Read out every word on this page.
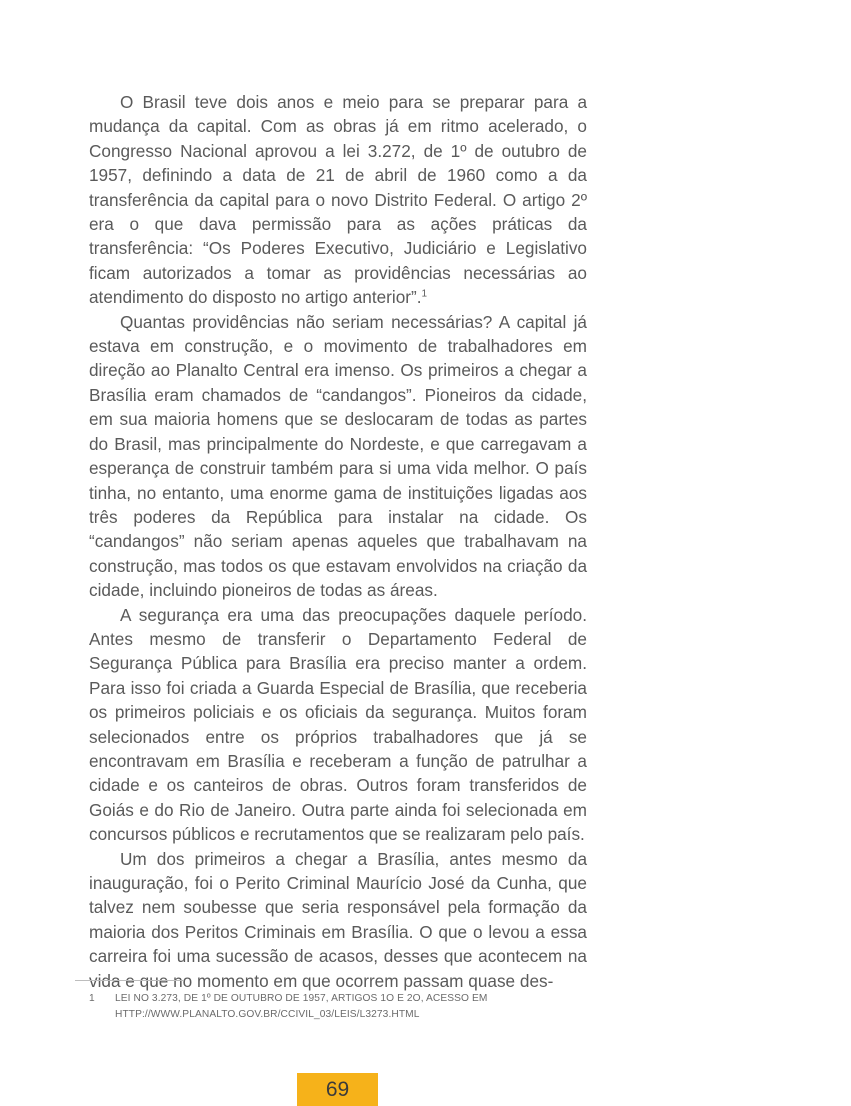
O Brasil teve dois anos e meio para se preparar para a mudança da capital. Com as obras já em ritmo acelerado, o Congresso Nacional aprovou a lei 3.272, de 1º de outubro de 1957, definindo a data de 21 de abril de 1960 como a da transferência da capital para o novo Distrito Federal. O artigo 2º era o que dava permissão para as ações práticas da transferência: “Os Poderes Executivo, Judiciário e Legislativo ficam autorizados a tomar as providências necessárias ao atendimento do disposto no artigo anterior”.$^1$

Quantas providências não seriam necessárias? A capital já estava em construção, e o movimento de trabalhadores em direção ao Planalto Central era imenso. Os primeiros a chegar a Brasília eram chamados de “candangos”. Pioneiros da cidade, em sua maioria homens que se deslocaram de todas as partes do Brasil, mas principalmente do Nordeste, e que carregavam a esperança de construir também para si uma vida melhor. O país tinha, no entanto, uma enorme gama de instituições ligadas aos três poderes da República para instalar na cidade. Os “candangos” não seriam apenas aqueles que trabalhavam na construção, mas todos os que estavam envolvidos na criação da cidade, incluindo pioneiros de todas as áreas.

A segurança era uma das preocupações daquele período. Antes mesmo de transferir o Departamento Federal de Segurança Pública para Brasília era preciso manter a ordem. Para isso foi criada a Guarda Especial de Brasília, que receberia os primeiros policiais e os oficiais da segurança. Muitos foram selecionados entre os próprios trabalhadores que já se encontravam em Brasília e receberam a função de patrulhar a cidade e os canteiros de obras. Outros foram transferidos de Goiás e do Rio de Janeiro. Outra parte ainda foi selecionada em concursos públicos e recrutamentos que se realizaram pelo país.

Um dos primeiros a chegar a Brasília, antes mesmo da inauguração, foi o Perito Criminal Maurício José da Cunha, que talvez nem soubesse que seria responsável pela formação da maioria dos Peritos Criminais em Brasília. O que o levou a essa carreira foi uma sucessão de acasos, desses que acontecem na vida e que no momento em que ocorrem passam quase des-

1 LEI NO 3.273, DE 1º DE OUTUBRO DE 1957, ARTIGOS 1O E 2O, ACESSO EM HTTP://WWW.PLANALTO.GOV.BR/CCIVIL_03/LEIS/L3273.HTML
69
